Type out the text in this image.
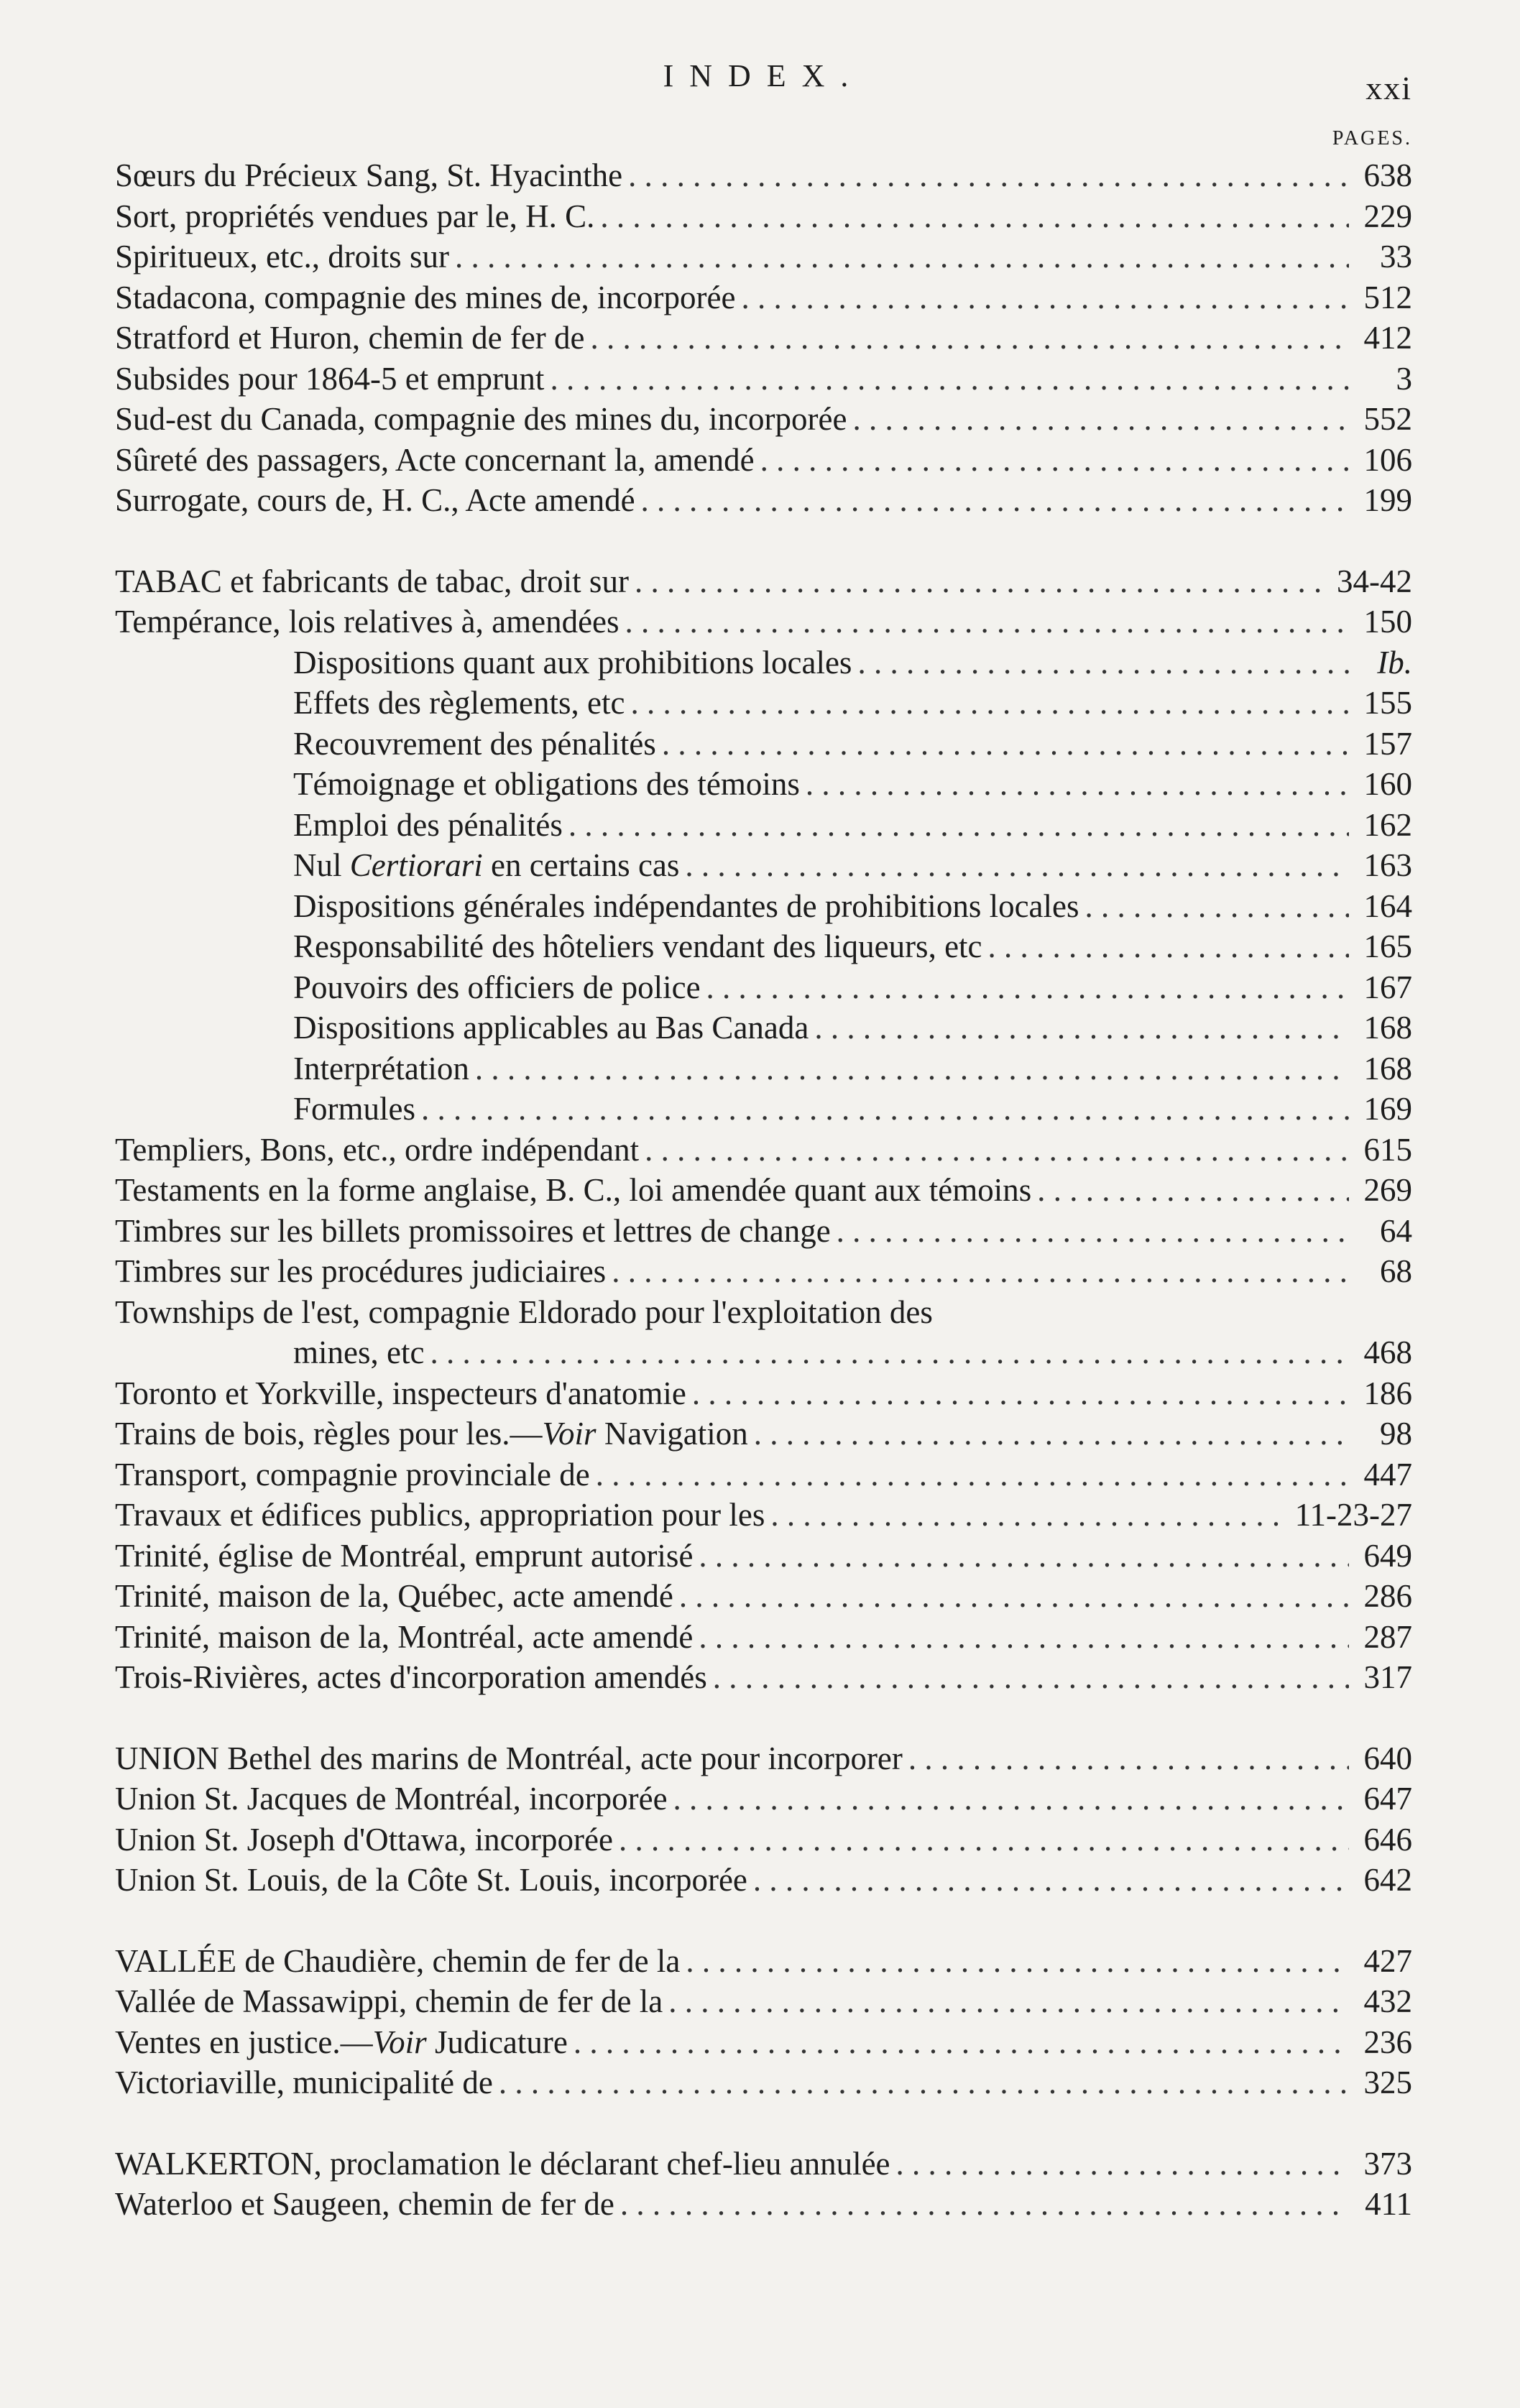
INDEX.	xxi
PAGES.
Sœurs du Précieux Sang, St. Hyacinthe . . .	638
Sort, propriétés vendues par le, H. C. . . .	229
Spiritueux, etc., droits sur . . .	33
Stadacona, compagnie des mines de, incorporée . . .	512
Stratford et Huron, chemin de fer de . . .	412
Subsides pour 1864-5 et emprunt . . .	3
Sud-est du Canada, compagnie des mines du, incorporée . . .	552
Sûreté des passagers, Acte concernant la, amendé . . .	106
Surrogate, cours de, H. C., Acte amendé . . .	199
TABAC et fabricants de tabac, droit sur . . .	34-42
Tempérance, lois relatives à, amendées . . .	150
Dispositions quant aux prohibitions locales . . .	Ib.
Effets des règlements, etc . . .	155
Recouvrement des pénalités . . .	157
Témoignage et obligations des témoins . . .	160
Emploi des pénalités . . .	162
Nul Certiorari en certains cas . . .	163
Dispositions générales indépendantes de prohibitions locales . . .	164
Responsabilité des hôteliers vendant des liqueurs, etc . . .	165
Pouvoirs des officiers de police . . .	167
Dispositions applicables au Bas Canada . . .	168
Interprétation . . .	168
Formules . . .	169
Templiers, Bons, etc., ordre indépendant . . .	615
Testaments en la forme anglaise, B. C., loi amendée quant aux témoins . . .	269
Timbres sur les billets promissoires et lettres de change . . .	64
Timbres sur les procédures judiciaires . . .	68
Townships de l'est, compagnie Eldorado pour l'exploitation des
mines, etc . . .	468
Toronto et Yorkville, inspecteurs d'anatomie . . .	186
Trains de bois, règles pour les.—Voir Navigation . . .	98
Transport, compagnie provinciale de . . .	447
Travaux et édifices publics, appropriation pour les . . .	11-23-27
Trinité, église de Montréal, emprunt autorisé . . .	649
Trinité, maison de la, Québec, acte amendé . . .	286
Trinité, maison de la, Montréal, acte amendé . . .	287
Trois-Rivières, actes d'incorporation amendés . . .	317
UNION Bethel des marins de Montréal, acte pour incorporer . . .	640
Union St. Jacques de Montréal, incorporée . . .	647
Union St. Joseph d'Ottawa, incorporée . . .	646
Union St. Louis, de la Côte St. Louis, incorporée . . .	642
VALLÉE de Chaudière, chemin de fer de la . . .	427
Vallée de Massawippi, chemin de fer de la . . .	432
Ventes en justice.—Voir Judicature . . .	236
Victoriaville, municipalité de . . .	325
WALKERTON, proclamation le déclarant chef-lieu annulée . . .	373
Waterloo et Saugeen, chemin de fer de . . .	411
